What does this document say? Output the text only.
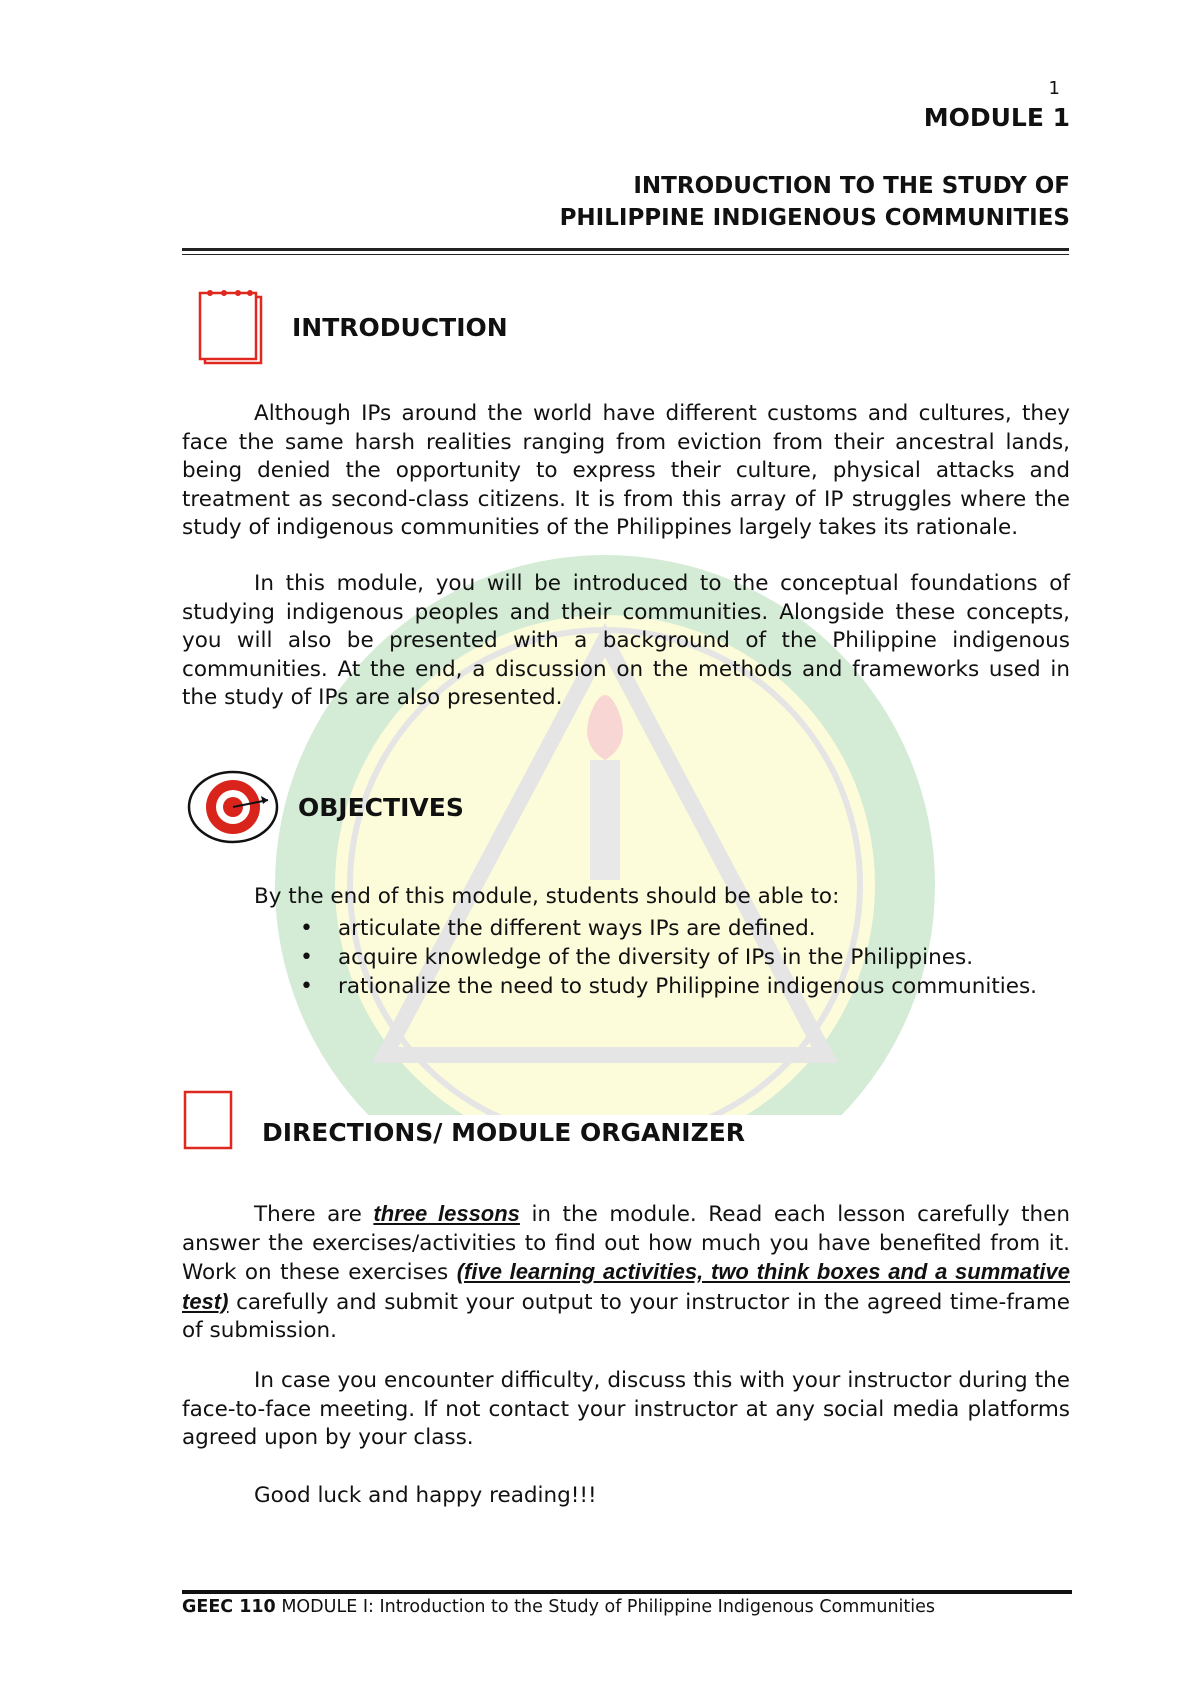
1
MODULE 1
INTRODUCTION TO THE STUDY OF
PHILIPPINE INDIGENOUS COMMUNITIES
INTRODUCTION

Although IPs around the world have different customs and cultures, they face the same harsh realities ranging from eviction from their ancestral lands, being denied the opportunity to express their culture, physical attacks and treatment as second-class citizens. It is from this array of IP struggles where the study of indigenous communities of the Philippines largely takes its rationale.

In this module, you will be introduced to the conceptual foundations of studying indigenous peoples and their communities. Alongside these concepts, you will also be presented with a background of the Philippine indigenous communities. At the end, a discussion on the methods and frameworks used in the study of IPs are also presented.

OBJECTIVES

By the end of this module, students should be able to:

• articulate the different ways IPs are defined.
• acquire knowledge of the diversity of IPs in the Philippines.
• rationalize the need to study Philippine indigenous communities.
DIRECTIONS/ MODULE ORGANIZER

There are three lessons in the module. Read each lesson carefully then answer the exercises/activities to find out how much you have benefited from it. Work on these exercises (five learning activities, two think boxes and a summative test) carefully and submit your output to your instructor in the agreed time-frame of submission.

In case you encounter difficulty, discuss this with your instructor during the face-to-face meeting. If not contact your instructor at any social media platforms agreed upon by your class.

Good luck and happy reading!!!

GEEC 110 MODULE I: Introduction to the Study of Philippine Indigenous Communities
